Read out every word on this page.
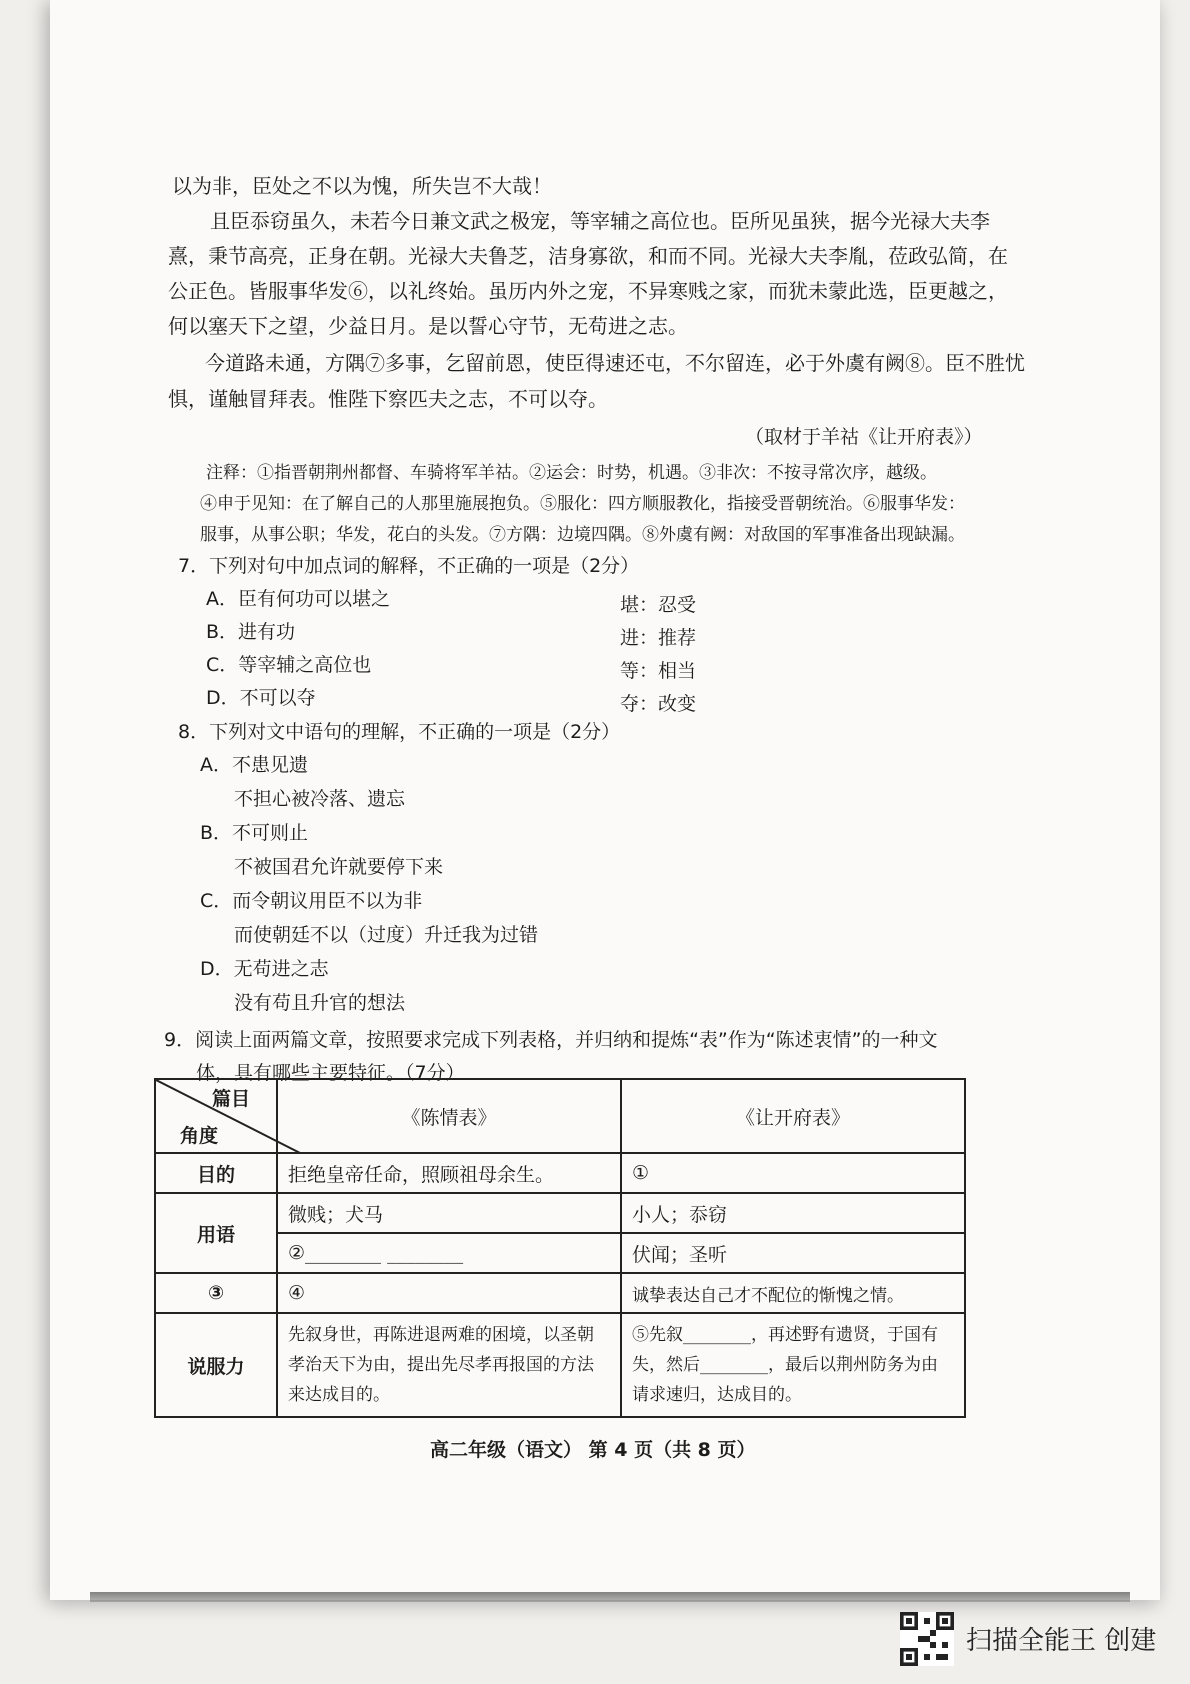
以为非，臣处之不以为愧，所失岂不大哉！
且臣忝窃虽久，未若今日兼文武之极宠，等宰辅之高位也。臣所见虽狭，据今光禄大夫李
熹，秉节高亮，正身在朝。光禄大夫鲁芝，洁身寡欲，和而不同。光禄大夫李胤，莅政弘简，在
公正色。皆服事华发⑥，以礼终始。虽历内外之宠，不异寒贱之家，而犹未蒙此选，臣更越之，
何以塞天下之望，少益日月。是以誓心守节，无苟进之志。
今道路未通，方隅⑦多事，乞留前恩，使臣得速还屯，不尔留连，必于外虞有阙⑧。臣不胜忧
惧，谨触冒拜表。惟陛下察匹夫之志，不可以夺。
（取材于羊祜《让开府表》）
注释：①指晋朝荆州都督、车骑将军羊祜。②运会：时势，机遇。③非次：不按寻常次序，越级。
④申于见知：在了解自己的人那里施展抱负。⑤服化：四方顺服教化，指接受晋朝统治。⑥服事华发：
服事，从事公职；华发，花白的头发。⑦方隅：边境四隅。⑧外虞有阙：对敌国的军事准备出现缺漏。
7．下列对句中加点词的解释，不正确的一项是（2分）
A．臣有何功可以堪之	堪：忍受
B．进有功	进：推荐
C．等宰辅之高位也	等：相当
D．不可以夺	夺：改变
8．下列对文中语句的理解，不正确的一项是（2分）
A．不患见遗
不担心被冷落、遗忘
B．不可则止
不被国君允许就要停下来
C．而令朝议用臣不以为非
而使朝廷不以（过度）升迁我为过错
D．无苟进之志
没有苟且升官的想法
9．阅读上面两篇文章，按照要求完成下列表格，并归纳和提炼“表”作为“陈述衷情”的一种文
体，具有哪些主要特征。（7分）
篇目
角度	《陈情表》	《让开府表》
目的	拒绝皇帝任命，照顾祖母余生。	①
用语	微贱；犬马	小人；忝窃
	②________ ________	伏闻；圣听
③	④	诚挚表达自己才不配位的惭愧之情。
说服力	先叙身世，再陈进退两难的困境，以圣朝孝治天下为由，提出先尽孝再报国的方法来达成目的。	⑤先叙________，再述野有遗贤，于国有失，然后________，最后以荆州防务为由请求速归，达成目的。
高二年级（语文） 第 4 页（共 8 页）
扫描全能王 创建
